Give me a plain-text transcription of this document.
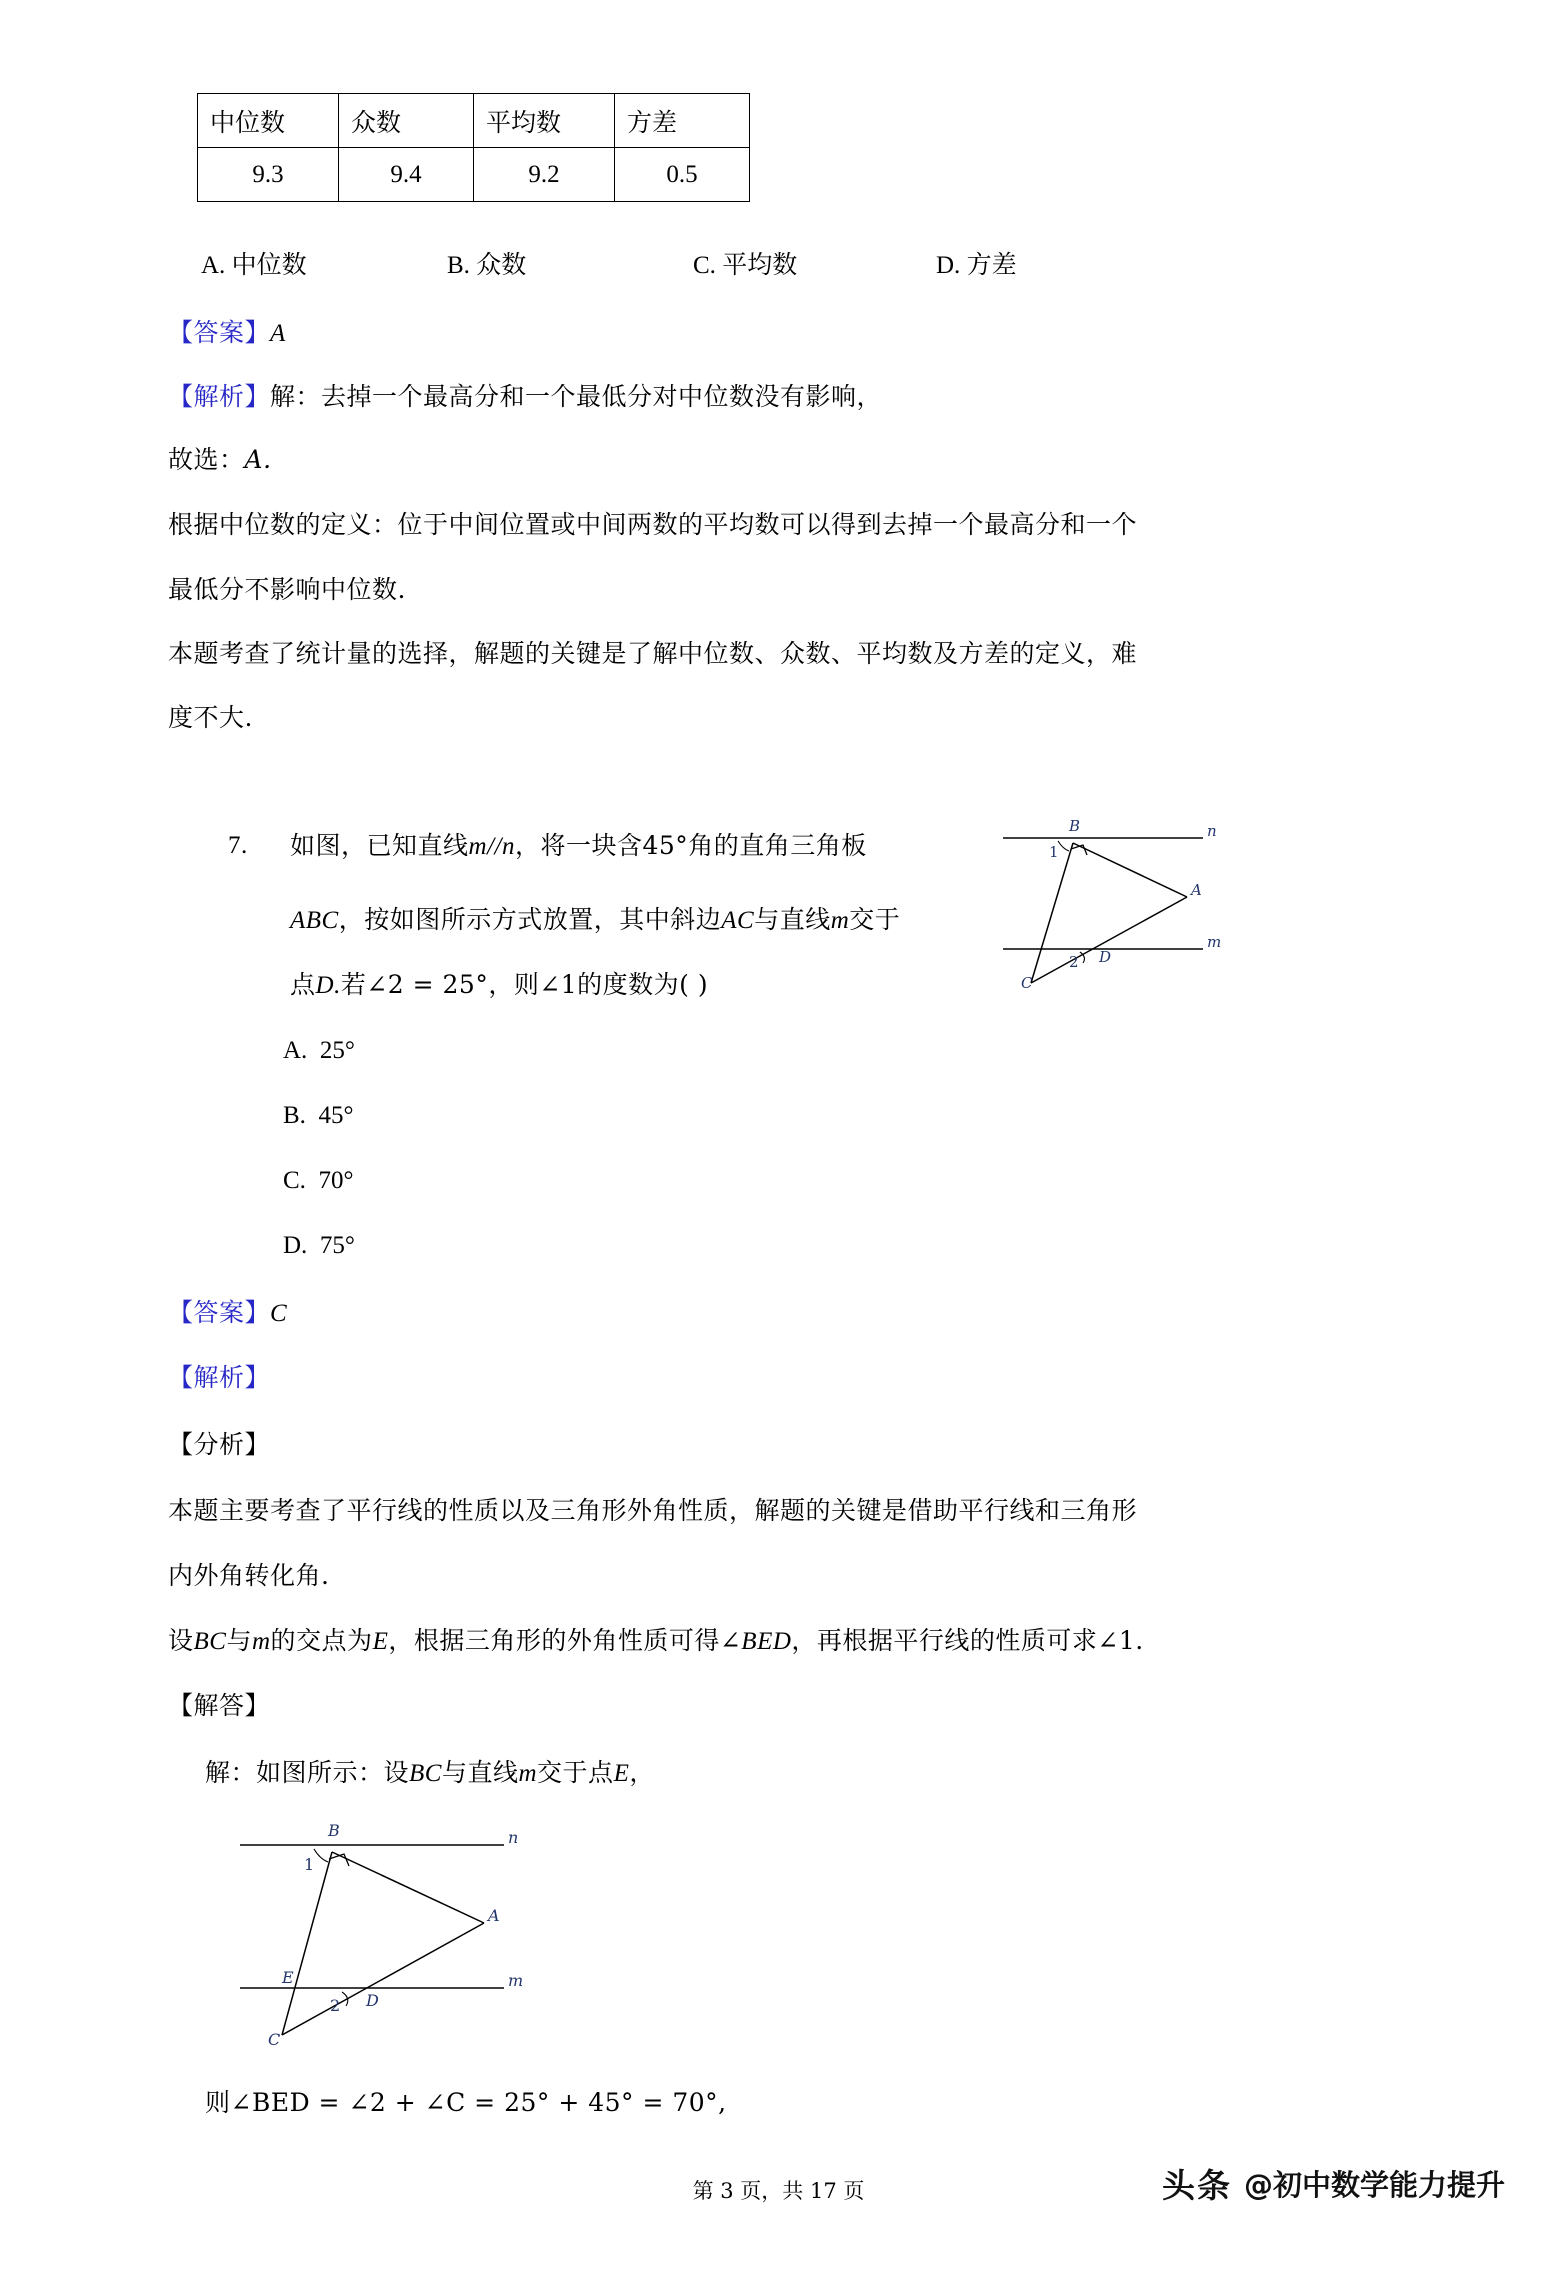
中位数	众数	平均数	方差
9.3	9.4	9.2	0.5
A. 中位数	B. 众数	C. 平均数	D. 方差
【答案】A
【解析】解：去掉一个最高分和一个最低分对中位数没有影响，
故选：A.
根据中位数的定义：位于中间位置或中间两数的平均数可以得到去掉一个最高分和一个
最低分不影响中位数.
本题考查了统计量的选择，解题的关键是了解中位数、众数、平均数及方差的定义，难
度不大.
7. 如图，已知直线m//n，将一块含45°角的直角三角板
ABC，按如图所示方式放置，其中斜边AC与直线m交于
点D.若∠2 = 25°，则∠1的度数为( )
B
A
C
D
n
m
1
2
A. 25°
B. 45°
C. 70°
D. 75°
【答案】C
【解析】
【分析】
本题主要考查了平行线的性质以及三角形外角性质，解题的关键是借助平行线和三角形
内外角转化角.
设BC与m的交点为E，根据三角形的外角性质可得∠BED，再根据平行线的性质可求∠1.
【解答】
解：如图所示：设BC与直线m交于点E，
B
A
C
D
E
n
m
1
2
则∠BED = ∠2 + ∠C = 25° + 45° = 70°,
第 3 页，共 17 页	头条 @初中数学能力提升
